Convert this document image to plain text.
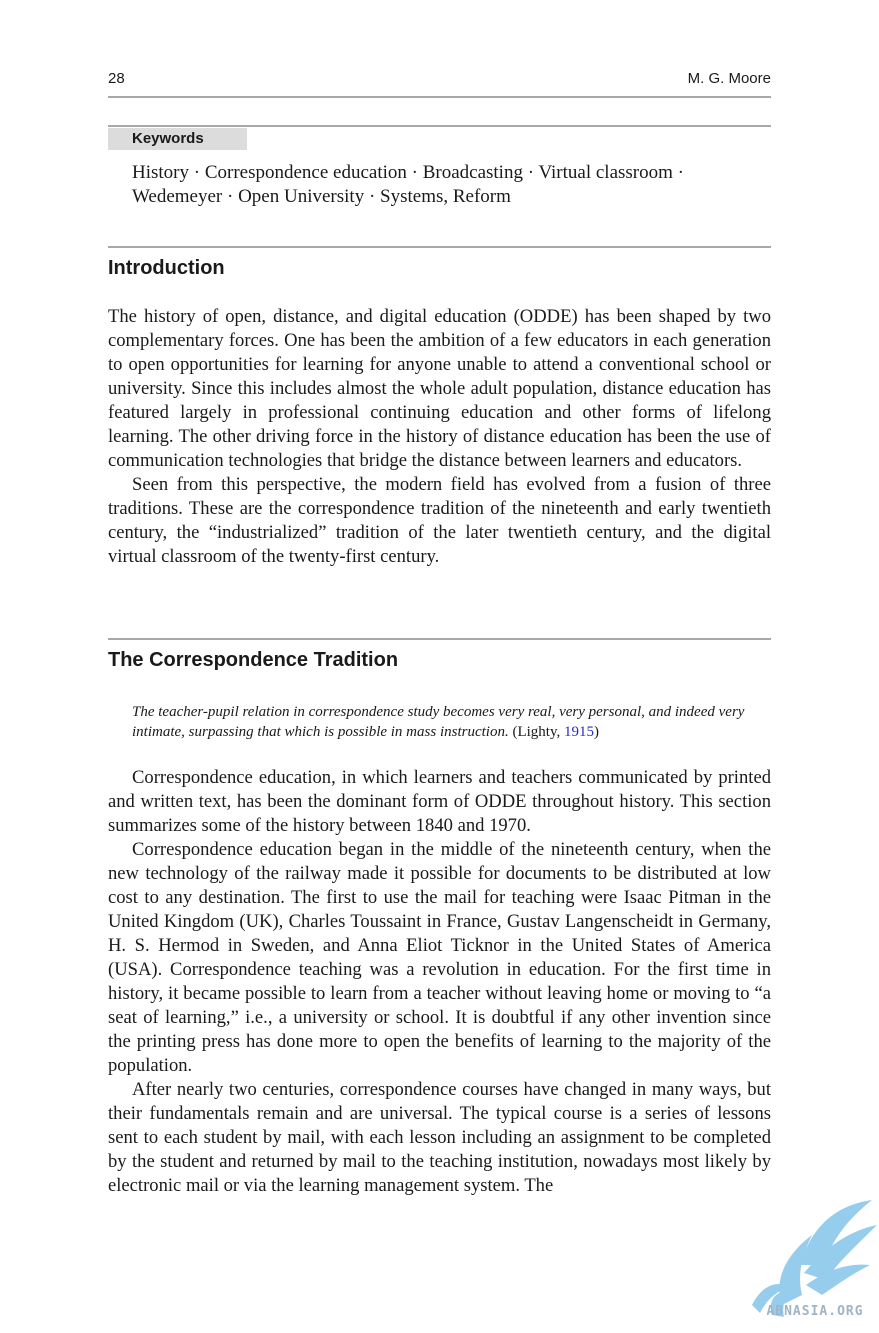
28	M. G. Moore
Keywords
History · Correspondence education · Broadcasting · Virtual classroom ·
Wedemeyer · Open University · Systems, Reform
Introduction

The history of open, distance, and digital education (ODDE) has been shaped by two complementary forces. One has been the ambition of a few educators in each generation to open opportunities for learning for anyone unable to attend a conventional school or university. Since this includes almost the whole adult population, distance education has featured largely in professional continuing education and other forms of lifelong learning. The other driving force in the history of distance education has been the use of communication technologies that bridge the distance between learners and educators.

Seen from this perspective, the modern field has evolved from a fusion of three traditions. These are the correspondence tradition of the nineteenth and early twentieth century, the “industrialized” tradition of the later twentieth century, and the digital virtual classroom of the twenty-first century.

The Correspondence Tradition
The teacher-pupil relation in correspondence study becomes very real, very personal, and indeed very intimate, surpassing that which is possible in mass instruction. (Lighty, 1915)

Correspondence education, in which learners and teachers communicated by printed and written text, has been the dominant form of ODDE throughout history. This section summarizes some of the history between 1840 and 1970.

Correspondence education began in the middle of the nineteenth century, when the new technology of the railway made it possible for documents to be distributed at low cost to any destination. The first to use the mail for teaching were Isaac Pitman in the United Kingdom (UK), Charles Toussaint in France, Gustav Langenscheidt in Germany, H. S. Hermod in Sweden, and Anna Eliot Ticknor in the United States of America (USA). Correspondence teaching was a revolution in education. For the first time in history, it became possible to learn from a teacher without leaving home or moving to “a seat of learning,” i.e., a university or school. It is doubtful if any other invention since the printing press has done more to open the benefits of learning to the majority of the population.

After nearly two centuries, correspondence courses have changed in many ways, but their fundamentals remain and are universal. The typical course is a series of lessons sent to each student by mail, with each lesson including an assignment to be completed by the student and returned by mail to the teaching institution, nowadays most likely by electronic mail or via the learning management system. The

ABNASIA.ORG
